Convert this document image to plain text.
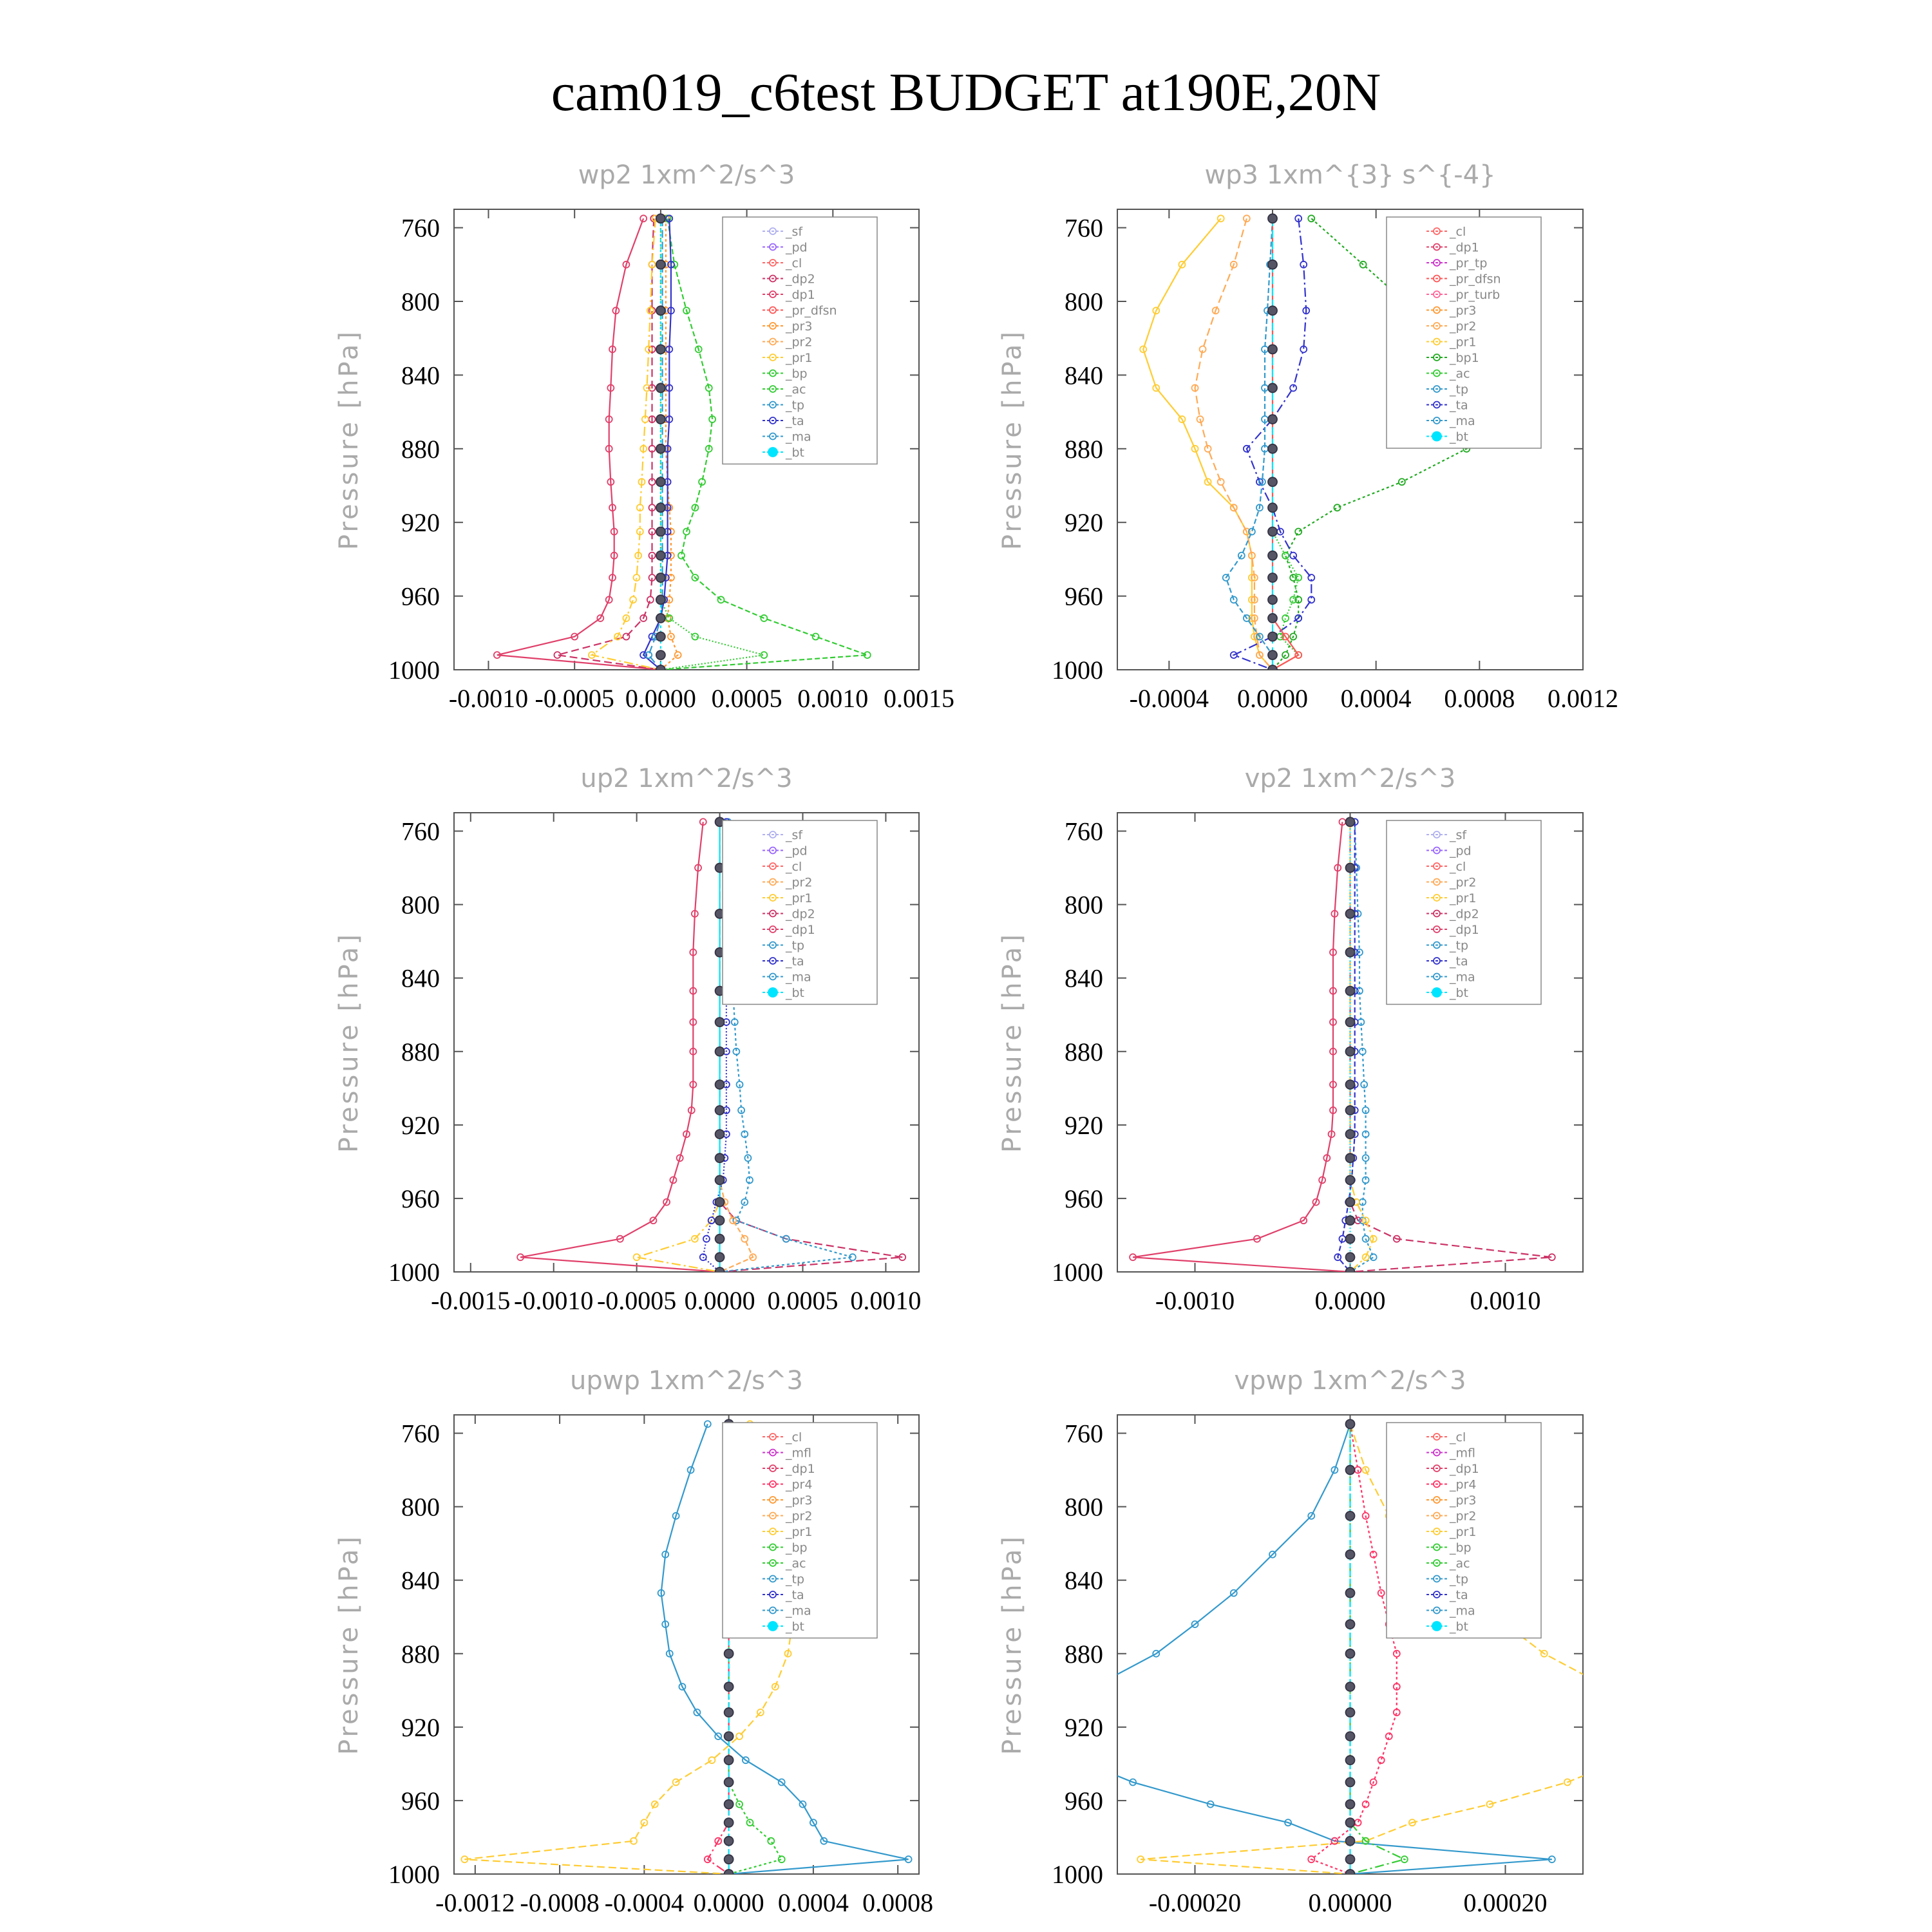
cam019_c6test BUDGET at190E,20N
wp2 1xm^2/s^3
Pressure [hPa]
760
800
840
880
920
960
1000
-0.0010 -0.0005 0.0000 0.0005 0.0010 0.0015
_sf
_pd
_cl
_dp2
_dp1
_pr_dfsn
_pr3
_pr2
_pr1
_bp
_ac
_tp
_ta
_ma
_bt
wp3 1xm^{3} s^{-4}
Pressure [hPa]
760
800
840
880
920
960
1000
-0.0004 0.0000 0.0004 0.0008 0.0012
_cl
_dp1
_pr_tp
_pr_dfsn
_pr_turb
_pr3
_pr2
_pr1
_bp1
_ac
_tp
_ta
_ma
_bt
up2 1xm^2/s^3
Pressure [hPa]
760
800
840
880
920
960
1000
-0.0015 -0.0010 -0.0005 0.0000 0.0005 0.0010
_sf
_pd
_cl
_pr2
_pr1
_dp2
_dp1
_tp
_ta
_ma
_bt
vp2 1xm^2/s^3
Pressure [hPa]
760
800
840
880
920
960
1000
-0.0010	0.0000	0.0010
_sf
_pd
_cl
_pr2
_pr1
_dp2
_dp1
_tp
_ta
_ma
_bt
upwp 1xm^2/s^3
Pressure [hPa]
760
800
840
880
920
960
1000
-0.0012 -0.0008 -0.0004 0.0000 0.0004 0.0008
_cl
_mfl
_dp1
_pr4
_pr3
_pr2
_pr1
_bp
_ac
_tp
_ta
_ma
_bt
vpwp 1xm^2/s^3
Pressure [hPa]
760
800
840
880
920
960
1000
-0.00020	0.00000	0.00020
_cl
_mfl
_dp1
_pr4
_pr3
_pr2
_pr1
_bp
_ac
_tp
_ta
_ma
_bt
